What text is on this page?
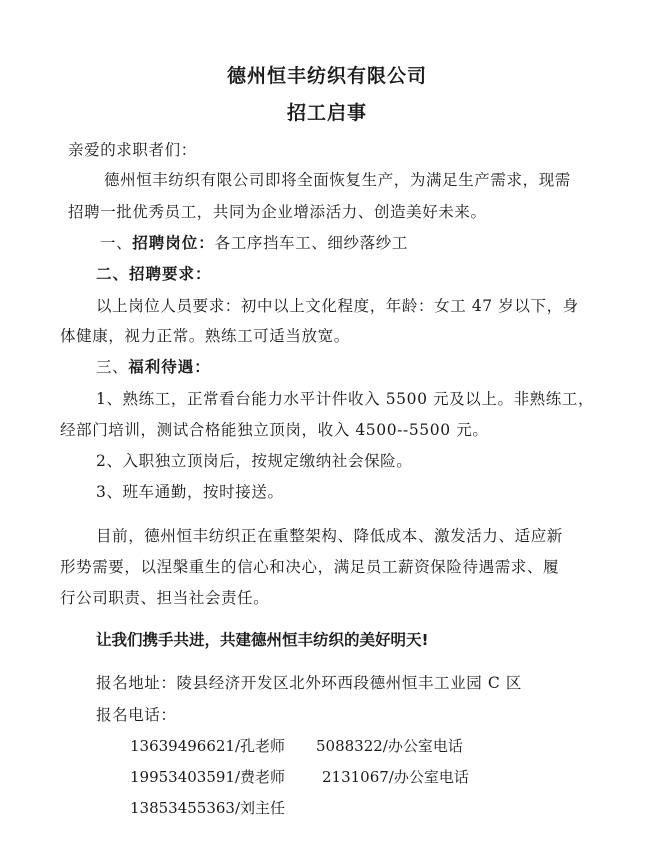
德州恒丰纺织有限公司
招工启事
亲爱的求职者们：
德州恒丰纺织有限公司即将全面恢复生产，为满足生产需求，现需
招聘一批优秀员工，共同为企业增添活力、创造美好未来。
一、招聘岗位：各工序挡车工、细纱落纱工
二、招聘要求：
以上岗位人员要求：初中以上文化程度，年龄：女工 47 岁以下，身
体健康，视力正常。熟练工可适当放宽。
三、福利待遇：
1、熟练工，正常看台能力水平计件收入 5500 元及以上。非熟练工，
经部门培训，测试合格能独立顶岗，收入 4500--5500 元。
2、入职独立顶岗后，按规定缴纳社会保险。
3、班车通勤，按时接送。
目前，德州恒丰纺织正在重整架构、降低成本、激发活力、适应新
形势需要，以涅槃重生的信心和决心，满足员工薪资保险待遇需求、履
行公司职责、担当社会责任。
让我们携手共进，共建德州恒丰纺织的美好明天!
报名地址：陵县经济开发区北外环西段德州恒丰工业园 C 区
报名电话：
13639496621/孔老师 5088322/办公室电话
19953403591/费老师 2131067/办公室电话
13853455363/刘主任
